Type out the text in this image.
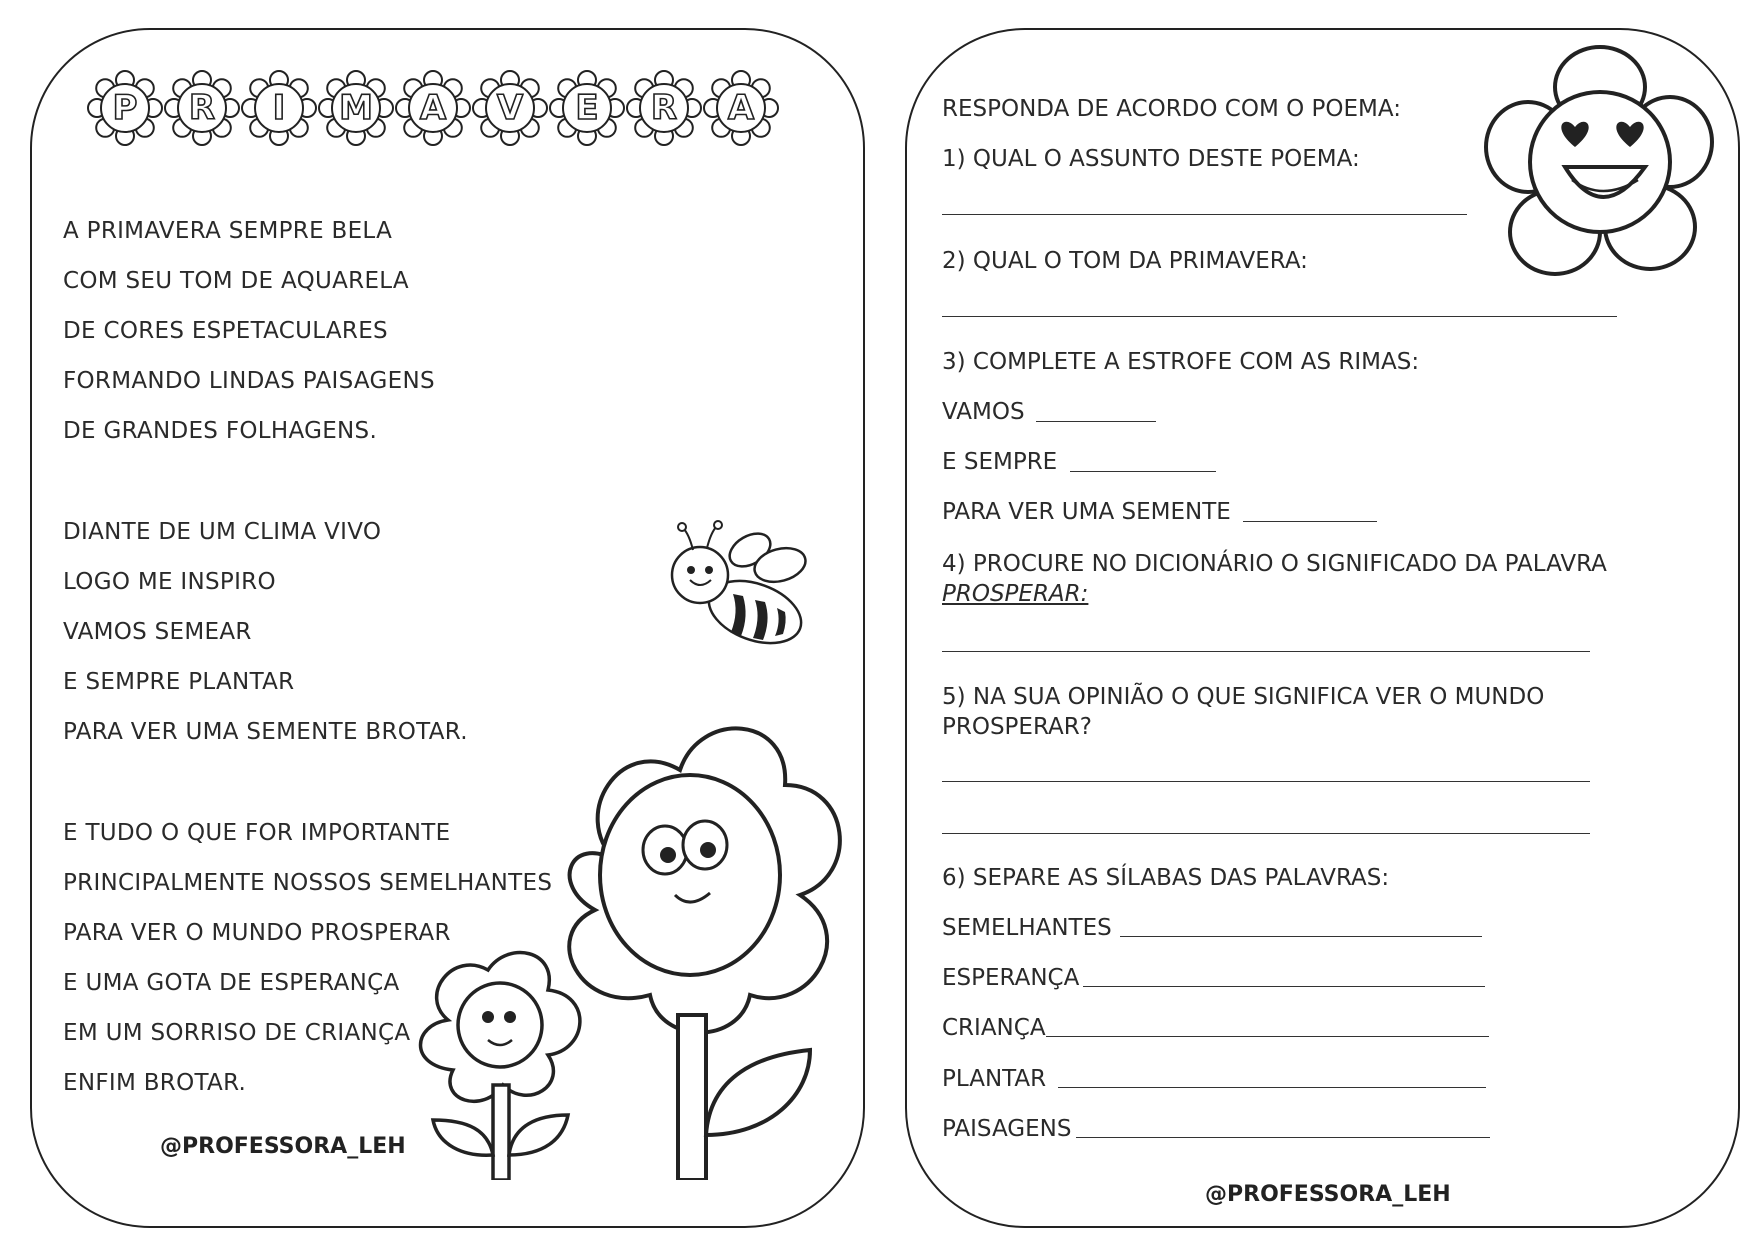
P	R	I	M	A	V	E	R	A
A PRIMAVERA SEMPRE BELA
COM SEU TOM DE AQUARELA
DE CORES ESPETACULARES
FORMANDO LINDAS PAISAGENS
DE GRANDES FOLHAGENS.
DIANTE DE UM CLIMA VIVO
LOGO ME INSPIRO
VAMOS SEMEAR
E SEMPRE PLANTAR
PARA VER UMA SEMENTE BROTAR.
E TUDO O QUE FOR IMPORTANTE
PRINCIPALMENTE NOSSOS SEMELHANTES
PARA VER O MUNDO PROSPERAR
E UMA GOTA DE ESPERANÇA
EM UM SORRISO DE CRIANÇA
ENFIM BROTAR.
@PROFESSORA_LEH
RESPONDA DE ACORDO COM O POEMA:
1) QUAL O ASSUNTO DESTE POEMA:
2) QUAL O TOM DA PRIMAVERA:
3) COMPLETE A ESTROFE COM AS RIMAS:
VAMOS
E SEMPRE
PARA VER UMA SEMENTE
4) PROCURE NO DICIONÁRIO O SIGNIFICADO DA PALAVRA
PROSPERAR:
5) NA SUA OPINIÃO O QUE SIGNIFICA VER O MUNDO PROSPERAR?
6) SEPARE AS SÍLABAS DAS PALAVRAS:
SEMELHANTES
ESPERANÇA
CRIANÇA
PLANTAR
PAISAGENS
@PROFESSORA_LEH
